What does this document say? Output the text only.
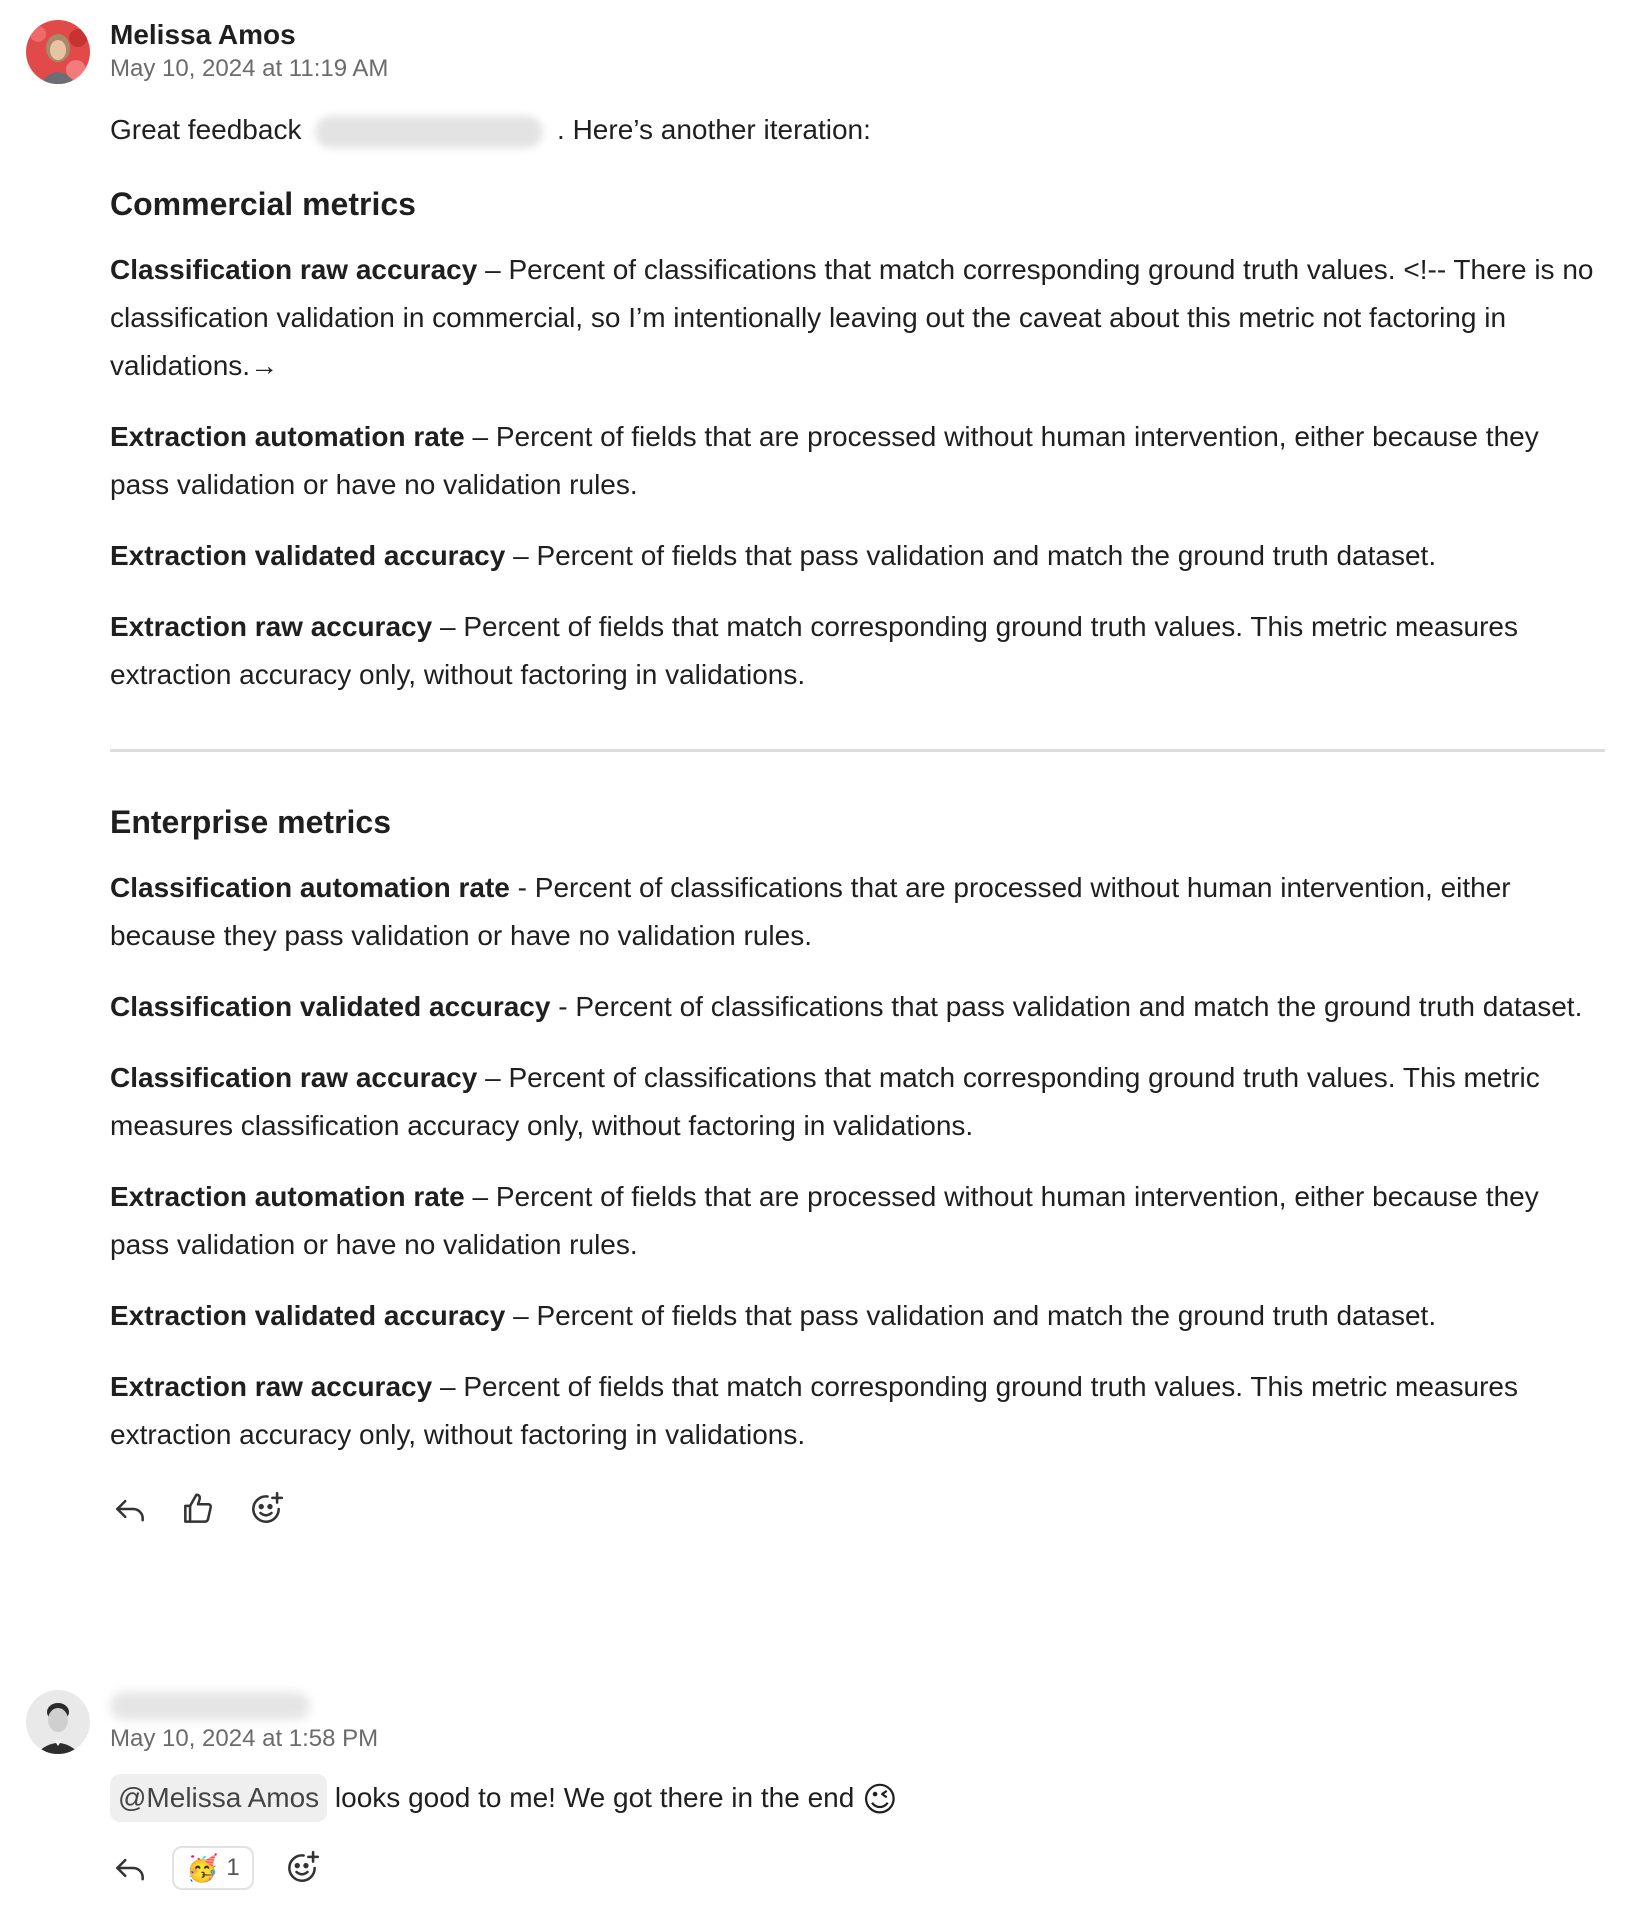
Melissa Amos
May 10, 2024 at 11:19 AM

Great feedback	. Here’s another iteration:

Commercial metrics

Classification raw accuracy – Percent of classifications that match corresponding ground truth values. <!-- There is no classification validation in commercial, so I’m intentionally leaving out the caveat about this metric not factoring in validations.→

Extraction automation rate – Percent of fields that are processed without human intervention, either because they pass validation or have no validation rules.

Extraction validated accuracy – Percent of fields that pass validation and match the ground truth dataset.

Extraction raw accuracy – Percent of fields that match corresponding ground truth values. This metric measures extraction accuracy only, without factoring in validations.

Enterprise metrics

Classification automation rate - Percent of classifications that are processed without human intervention, either because they pass validation or have no validation rules.

Classification validated accuracy - Percent of classifications that pass validation and match the ground truth dataset.

Classification raw accuracy – Percent of classifications that match corresponding ground truth values. This metric measures classification accuracy only, without factoring in validations.

Extraction automation rate – Percent of fields that are processed without human intervention, either because they pass validation or have no validation rules.

Extraction validated accuracy – Percent of fields that pass validation and match the ground truth dataset.

Extraction raw accuracy – Percent of fields that match corresponding ground truth values. This metric measures extraction accuracy only, without factoring in validations.

May 10, 2024 at 1:58 PM

@Melissa Amos looks good to me! We got there in the end 😉

🥳 1
